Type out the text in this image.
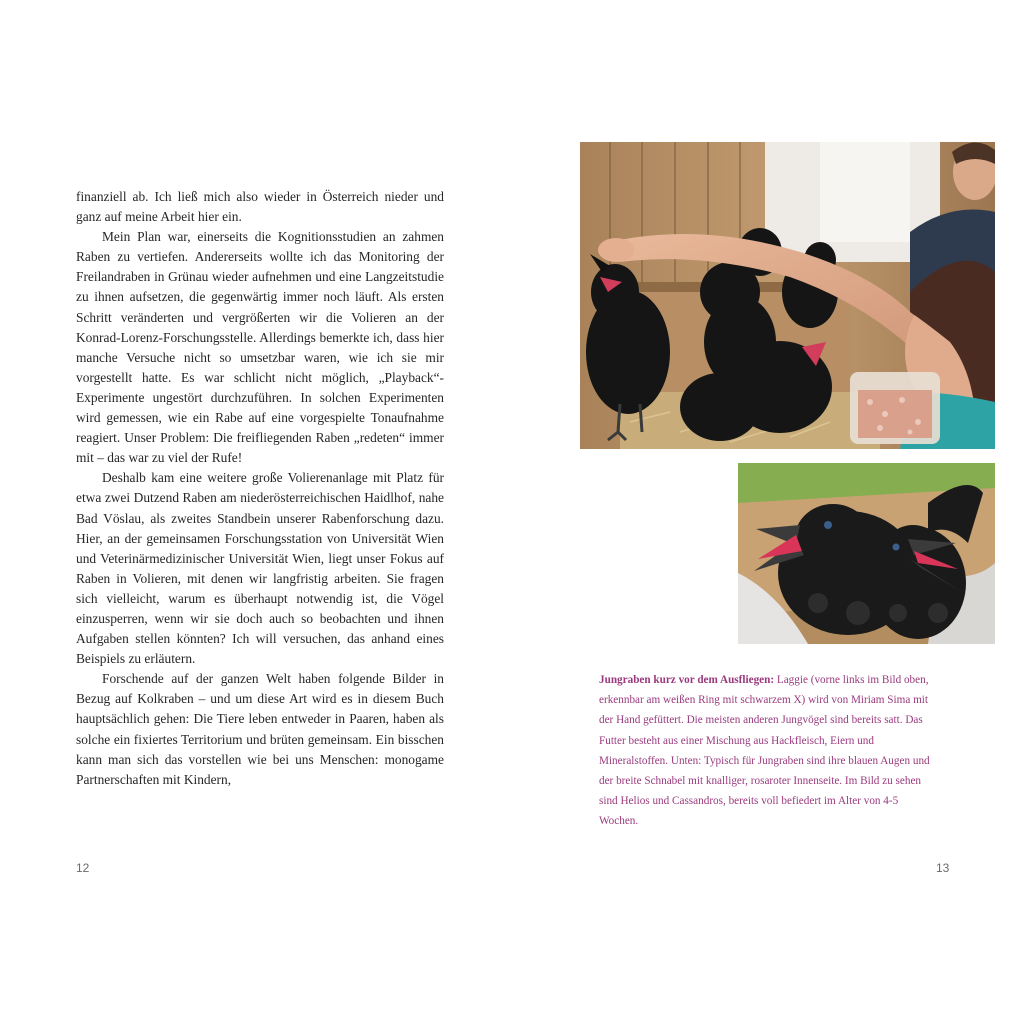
finanziell ab. Ich ließ mich also wieder in Österreich nieder und ganz auf meine Arbeit hier ein.

Mein Plan war, einerseits die Kognitionsstudien an zahmen Raben zu vertiefen. Andererseits wollte ich das Monitoring der Freilandraben in Grünau wieder aufnehmen und eine Langzeitstudie zu ihnen aufsetzen, die gegenwärtig immer noch läuft. Als ersten Schritt veränderten und vergrößerten wir die Volieren an der Konrad-Lorenz-Forschungsstelle. Allerdings bemerkte ich, dass hier manche Versuche nicht so umsetzbar waren, wie ich sie mir vorgestellt hatte. Es war schlicht nicht möglich, „Playback“-Experimente ungestört durchzuführen. In solchen Experimenten wird gemessen, wie ein Rabe auf eine vorgespielte Tonaufnahme reagiert. Unser Problem: Die freifliegenden Raben „redeten“ immer mit – das war zu viel der Rufe!

Deshalb kam eine weitere große Volierenanlage mit Platz für etwa zwei Dutzend Raben am niederösterreichischen Haidlhof, nahe Bad Vöslau, als zweites Standbein unserer Rabenforschung dazu. Hier, an der gemeinsamen Forschungsstation von Universität Wien und Veterinärmedizinischer Universität Wien, liegt unser Fokus auf Raben in Volieren, mit denen wir langfristig arbeiten. Sie fragen sich vielleicht, warum es überhaupt notwendig ist, die Vögel einzusperren, wenn wir sie doch auch so beobachten und ihnen Aufgaben stellen könnten? Ich will versuchen, das anhand eines Beispiels zu erläutern.

Forschende auf der ganzen Welt haben folgende Bilder in Bezug auf Kolkraben – und um diese Art wird es in diesem Buch hauptsächlich gehen: Die Tiere leben entweder in Paaren, haben als solche ein fixiertes Territorium und brüten gemeinsam. Ein bisschen kann man sich das vorstellen wie bei uns Menschen: monogame Partnerschaften mit Kindern,

12
Jungraben kurz vor dem Ausfliegen: Laggie (vorne links im Bild oben, erkennbar am weißen Ring mit schwarzem X) wird von Miriam Sima mit der Hand gefüttert. Die meisten anderen Jungvögel sind bereits satt. Das Futter besteht aus einer Mischung aus Hackfleisch, Eiern und Mineralstoffen. Unten: Typisch für Jungraben sind ihre blauen Augen und der breite Schnabel mit knalliger, rosaroter Innenseite. Im Bild zu sehen sind Helios und Cassandros, bereits voll befiedert im Alter von 4-5 Wochen.
13
